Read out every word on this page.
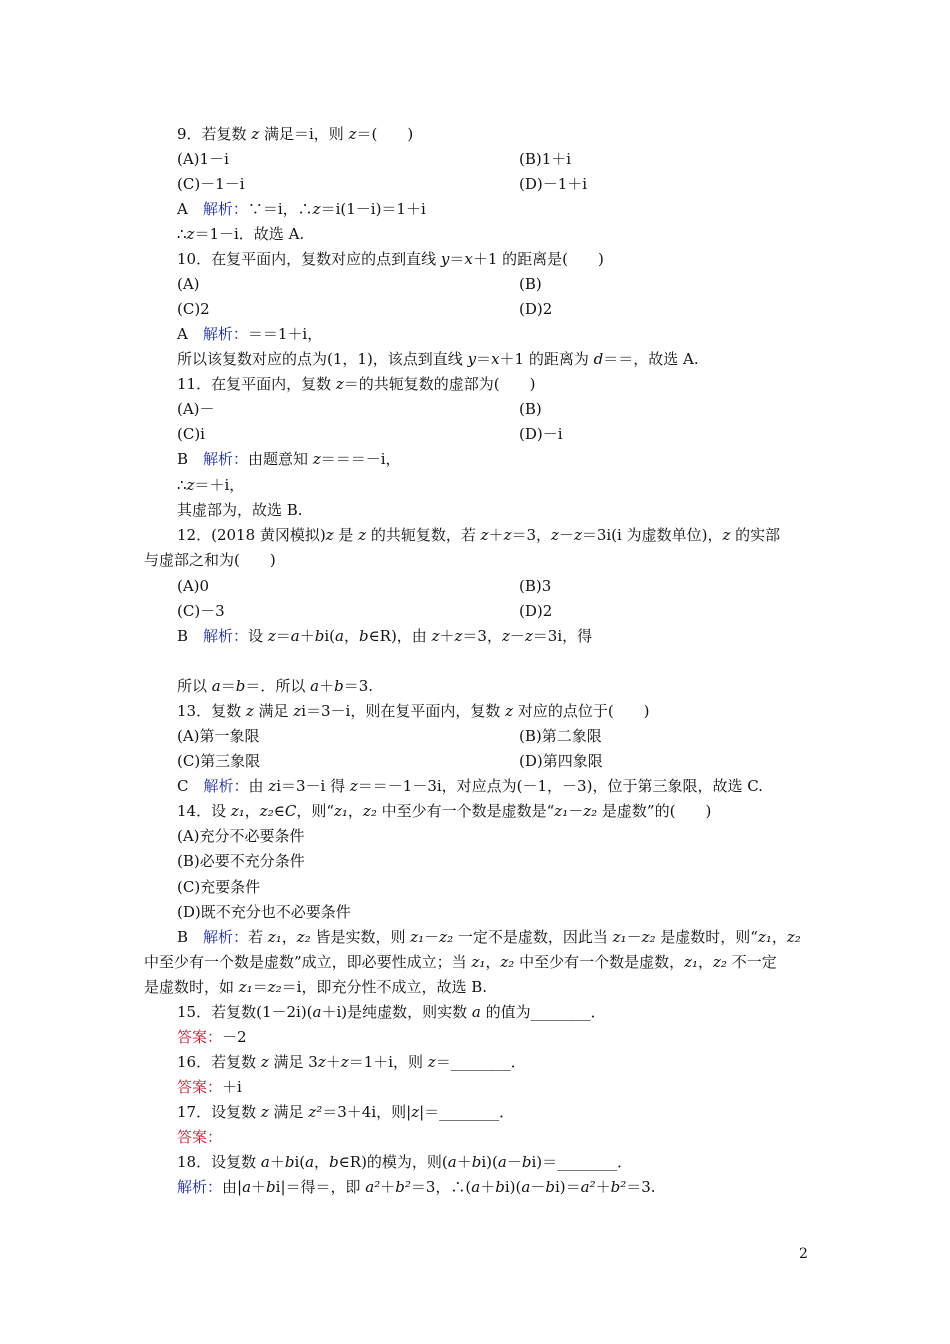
9．若复数 z 满足＝i，则 z＝(　　)
(A)1－i	(B)1＋i
(C)－1－i	(D)－1＋i
A　解析：∵＝i，∴z＝i(1－i)＝1＋i
∴z＝1－i．故选 A.
10．在复平面内，复数对应的点到直线 y＝x＋1 的距离是(　　)
(A)	(B)
(C)2	(D)2
A　解析：＝＝1＋i，
所以该复数对应的点为(1，1)，该点到直线 y＝x＋1 的距离为 d＝＝，故选 A.
11．在复平面内，复数 z＝的共轭复数的虚部为(　　)
(A)－	(B)
(C)i	(D)－i
B　解析：由题意知 z＝＝＝－i，
∴z＝＋i，
其虚部为，故选 B.
12．(2018 黄冈模拟)z 是 z 的共轭复数，若 z＋z＝3，z－z＝3i(i 为虚数单位)，z 的实部
与虚部之和为(　　)
(A)0	(B)3
(C)－3	(D)2
B　解析：设 z＝a＋bi(a，b∈R)，由 z＋z＝3，z－z＝3i，得
所以 a＝b＝．所以 a＋b＝3.
13．复数 z 满足 zi＝3－i，则在复平面内，复数 z 对应的点位于(　　)
(A)第一象限	(B)第二象限
(C)第三象限	(D)第四象限
C　解析：由 zi＝3－i 得 z＝＝－1－3i，对应点为(－1，－3)，位于第三象限，故选 C.
14．设 z₁，z₂∈C，则“z₁，z₂ 中至少有一个数是虚数是“z₁－z₂ 是虚数”的(　　)
(A)充分不必要条件
(B)必要不充分条件
(C)充要条件
(D)既不充分也不必要条件
B　解析：若 z₁，z₂ 皆是实数，则 z₁－z₂ 一定不是虚数，因此当 z₁－z₂ 是虚数时，则“z₁，z₂
中至少有一个数是虚数”成立，即必要性成立；当 z₁，z₂ 中至少有一个数是虚数，z₁，z₂ 不一定
是虚数时，如 z₁＝z₂＝i，即充分性不成立，故选 B.
15．若复数(1－2i)(a＋i)是纯虚数，则实数 a 的值为________．
答案：－2
16．若复数 z 满足 3z＋z＝1＋i，则 z＝________．
答案：＋i
17．设复数 z 满足 z²＝3＋4i，则|z|＝________．
答案：
18．设复数 a＋bi(a，b∈R)的模为，则(a＋bi)(a－bi)＝________．
解析：由|a＋bi|＝得＝，即 a²＋b²＝3，∴(a＋bi)(a－bi)＝a²＋b²＝3.
2
